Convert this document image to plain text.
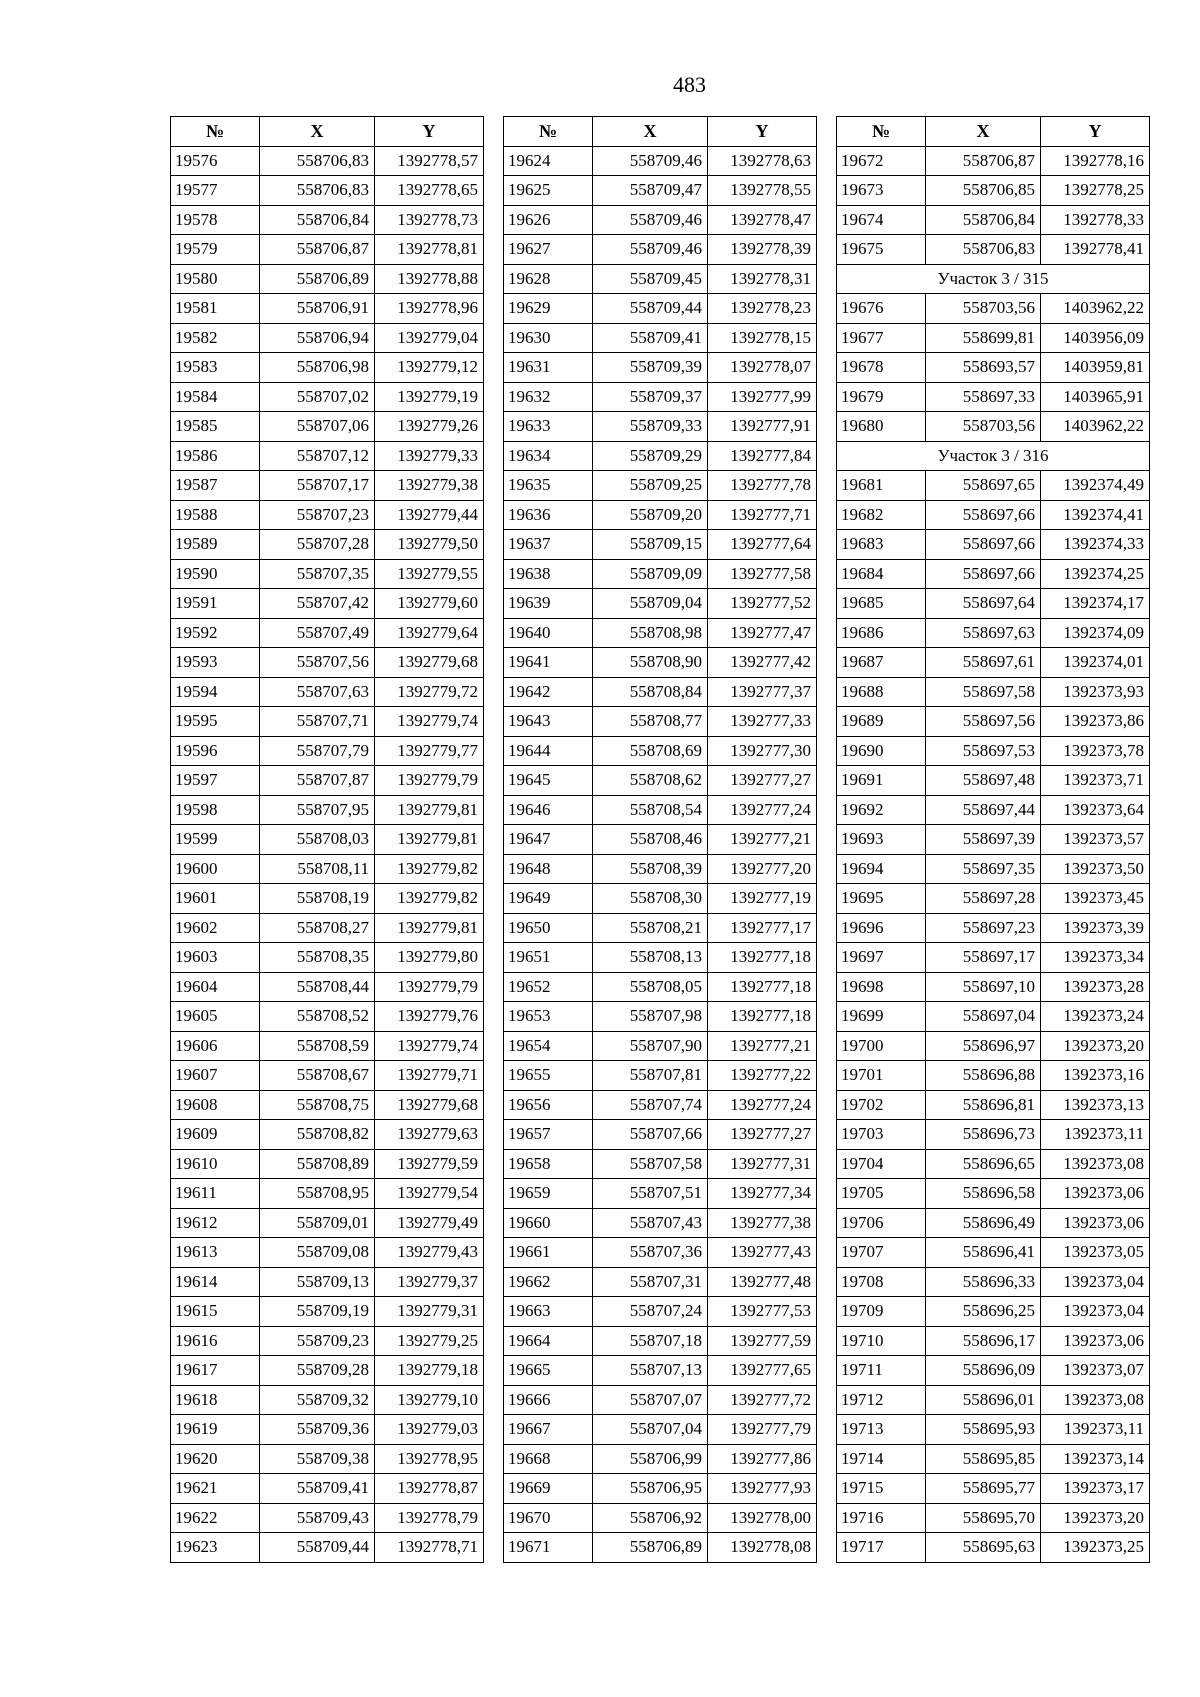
483
№	X	Y
19576	558706,83	1392778,57
19577	558706,83	1392778,65
19578	558706,84	1392778,73
19579	558706,87	1392778,81
19580	558706,89	1392778,88
19581	558706,91	1392778,96
19582	558706,94	1392779,04
19583	558706,98	1392779,12
19584	558707,02	1392779,19
19585	558707,06	1392779,26
19586	558707,12	1392779,33
19587	558707,17	1392779,38
19588	558707,23	1392779,44
19589	558707,28	1392779,50
19590	558707,35	1392779,55
19591	558707,42	1392779,60
19592	558707,49	1392779,64
19593	558707,56	1392779,68
19594	558707,63	1392779,72
19595	558707,71	1392779,74
19596	558707,79	1392779,77
19597	558707,87	1392779,79
19598	558707,95	1392779,81
19599	558708,03	1392779,81
19600	558708,11	1392779,82
19601	558708,19	1392779,82
19602	558708,27	1392779,81
19603	558708,35	1392779,80
19604	558708,44	1392779,79
19605	558708,52	1392779,76
19606	558708,59	1392779,74
19607	558708,67	1392779,71
19608	558708,75	1392779,68
19609	558708,82	1392779,63
19610	558708,89	1392779,59
19611	558708,95	1392779,54
19612	558709,01	1392779,49
19613	558709,08	1392779,43
19614	558709,13	1392779,37
19615	558709,19	1392779,31
19616	558709,23	1392779,25
19617	558709,28	1392779,18
19618	558709,32	1392779,10
19619	558709,36	1392779,03
19620	558709,38	1392778,95
19621	558709,41	1392778,87
19622	558709,43	1392778,79
19623	558709,44	1392778,71
№	X	Y
19624	558709,46	1392778,63
19625	558709,47	1392778,55
19626	558709,46	1392778,47
19627	558709,46	1392778,39
19628	558709,45	1392778,31
19629	558709,44	1392778,23
19630	558709,41	1392778,15
19631	558709,39	1392778,07
19632	558709,37	1392777,99
19633	558709,33	1392777,91
19634	558709,29	1392777,84
19635	558709,25	1392777,78
19636	558709,20	1392777,71
19637	558709,15	1392777,64
19638	558709,09	1392777,58
19639	558709,04	1392777,52
19640	558708,98	1392777,47
19641	558708,90	1392777,42
19642	558708,84	1392777,37
19643	558708,77	1392777,33
19644	558708,69	1392777,30
19645	558708,62	1392777,27
19646	558708,54	1392777,24
19647	558708,46	1392777,21
19648	558708,39	1392777,20
19649	558708,30	1392777,19
19650	558708,21	1392777,17
19651	558708,13	1392777,18
19652	558708,05	1392777,18
19653	558707,98	1392777,18
19654	558707,90	1392777,21
19655	558707,81	1392777,22
19656	558707,74	1392777,24
19657	558707,66	1392777,27
19658	558707,58	1392777,31
19659	558707,51	1392777,34
19660	558707,43	1392777,38
19661	558707,36	1392777,43
19662	558707,31	1392777,48
19663	558707,24	1392777,53
19664	558707,18	1392777,59
19665	558707,13	1392777,65
19666	558707,07	1392777,72
19667	558707,04	1392777,79
19668	558706,99	1392777,86
19669	558706,95	1392777,93
19670	558706,92	1392778,00
19671	558706,89	1392778,08
№	X	Y
19672	558706,87	1392778,16
19673	558706,85	1392778,25
19674	558706,84	1392778,33
19675	558706,83	1392778,41
Участок 3 / 315		
19676	558703,56	1403962,22
19677	558699,81	1403956,09
19678	558693,57	1403959,81
19679	558697,33	1403965,91
19680	558703,56	1403962,22
Участок 3 / 316		
19681	558697,65	1392374,49
19682	558697,66	1392374,41
19683	558697,66	1392374,33
19684	558697,66	1392374,25
19685	558697,64	1392374,17
19686	558697,63	1392374,09
19687	558697,61	1392374,01
19688	558697,58	1392373,93
19689	558697,56	1392373,86
19690	558697,53	1392373,78
19691	558697,48	1392373,71
19692	558697,44	1392373,64
19693	558697,39	1392373,57
19694	558697,35	1392373,50
19695	558697,28	1392373,45
19696	558697,23	1392373,39
19697	558697,17	1392373,34
19698	558697,10	1392373,28
19699	558697,04	1392373,24
19700	558696,97	1392373,20
19701	558696,88	1392373,16
19702	558696,81	1392373,13
19703	558696,73	1392373,11
19704	558696,65	1392373,08
19705	558696,58	1392373,06
19706	558696,49	1392373,06
19707	558696,41	1392373,05
19708	558696,33	1392373,04
19709	558696,25	1392373,04
19710	558696,17	1392373,06
19711	558696,09	1392373,07
19712	558696,01	1392373,08
19713	558695,93	1392373,11
19714	558695,85	1392373,14
19715	558695,77	1392373,17
19716	558695,70	1392373,20
19717	558695,63	1392373,25
